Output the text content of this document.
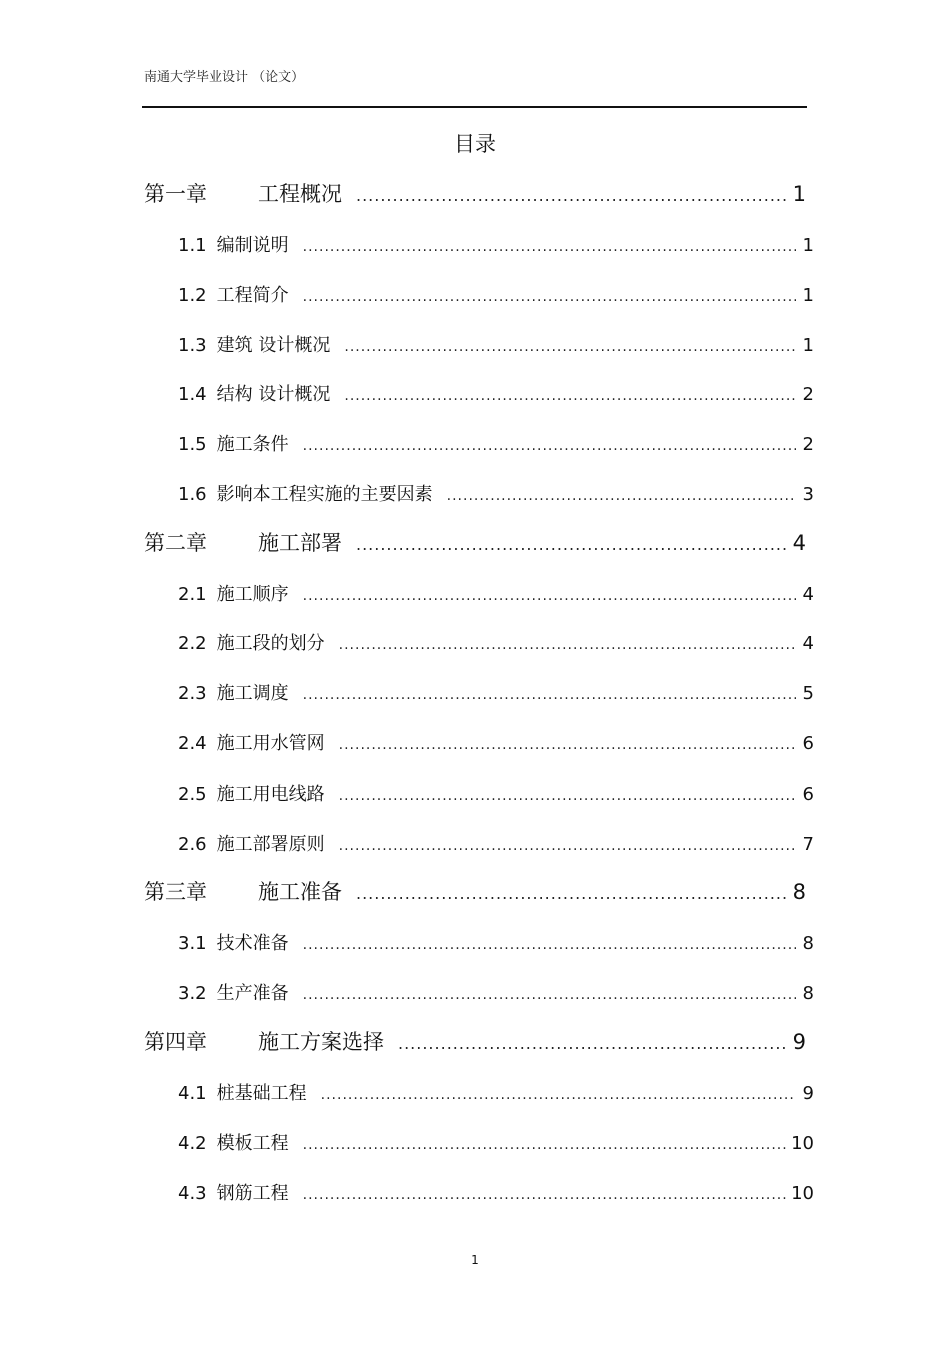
南通大学毕业设计 （论文）
目录
第一章	工程概况 .....	1
1.1 编制说明 .....	1
1.2 工程简介 .....	1
1.3 建筑 设计概况 .....	1
1.4 结构 设计概况 .....	2
1.5 施工条件 .....	2
1.6 影响本工程实施的主要因素 .....	3
第二章	施工部署 .....	4
2.1 施工顺序 .....	4
2.2 施工段的划分 .....	4
2.3 施工调度 .....	5
2.4 施工用水管网 .....	6
2.5 施工用电线路 .....	6
2.6 施工部署原则 .....	7
第三章	施工准备 .....	8
3.1 技术准备 .....	8
3.2 生产准备 .....	8
第四章	施工方案选择 .....	9
4.1 桩基础工程 .....	9
4.2 模板工程 .....	10
4.3 钢筋工程 .....	10
1
